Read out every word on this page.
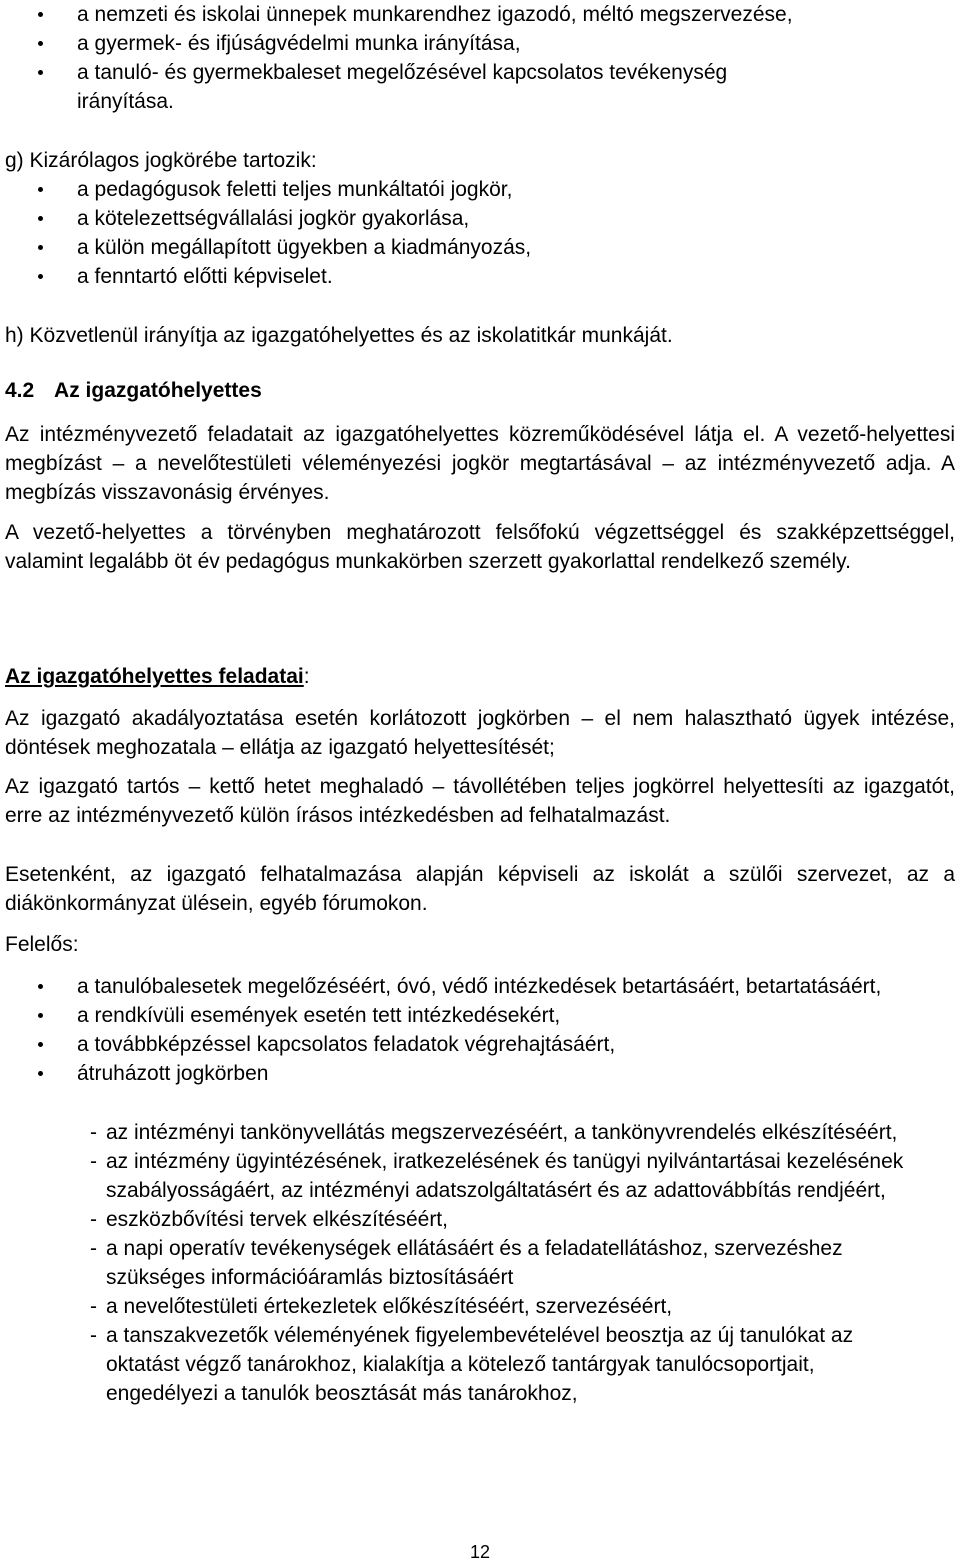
a nemzeti és iskolai ünnepek munkarendhez igazodó, méltó megszervezése,
a gyermek- és ifjúságvédelmi munka irányítása,
a tanuló- és gyermekbaleset megelőzésével kapcsolatos tevékenység irányítása.

g) Kizárólagos jogkörébe tartozik:

a pedagógusok feletti teljes munkáltatói jogkör,
a kötelezettségvállalási jogkör gyakorlása,
a külön megállapított ügyekben a kiadmányozás,
a fenntartó előtti képviselet.

h) Közvetlenül irányítja az igazgatóhelyettes és az iskolatitkár munkáját.

4.2 Az igazgatóhelyettes

Az intézményvezető feladatait az igazgatóhelyettes közreműködésével látja el. A vezető-helyettesi megbízást – a nevelőtestületi véleményezési jogkör megtartásával – az intézményvezető adja. A megbízás visszavonásig érvényes.

A vezető-helyettes a törvényben meghatározott felsőfokú végzettséggel és szakképzettséggel, valamint legalább öt év pedagógus munkakörben szerzett gyakorlattal rendelkező személy.

Az igazgatóhelyettes feladatai:

Az igazgató akadályoztatása esetén korlátozott jogkörben – el nem halasztható ügyek intézése, döntések meghozatala – ellátja az igazgató helyettesítését;

Az igazgató tartós – kettő hetet meghaladó – távollétében teljes jogkörrel helyettesíti az igazgatót, erre az intézményvezető külön írásos intézkedésben ad felhatalmazást.

Esetenként, az igazgató felhatalmazása alapján képviseli az iskolát a szülői szervezet, az a diákönkormányzat ülésein, egyéb fórumokon.

Felelős:

a tanulóbalesetek megelőzéséért, óvó, védő intézkedések betartásáért, betartatásáért,
a rendkívüli események esetén tett intézkedésekért,
a továbbképzéssel kapcsolatos feladatok végrehajtásáért,
átruházott jogkörben
- az intézményi tankönyvellátás megszervezéséért, a tankönyvrendelés elkészítéséért,
- az intézmény ügyintézésének, iratkezelésének és tanügyi nyilvántartásai kezelésének szabályosságáért, az intézményi adatszolgáltatásért és az adattovábbítás rendjéért,
- eszközbővítési tervek elkészítéséért,
- a napi operatív tevékenységek ellátásáért és a feladatellátáshoz, szervezéshez szükséges információáramlás biztosításáért
- a nevelőtestületi értekezletek előkészítéséért, szervezéséért,
- a tanszakvezetők véleményének figyelembevételével beosztja az új tanulókat az oktatást végző tanárokhoz, kialakítja a kötelező tantárgyak tanulócsoportjait, engedélyezi a tanulók beosztását más tanárokhoz,
12
